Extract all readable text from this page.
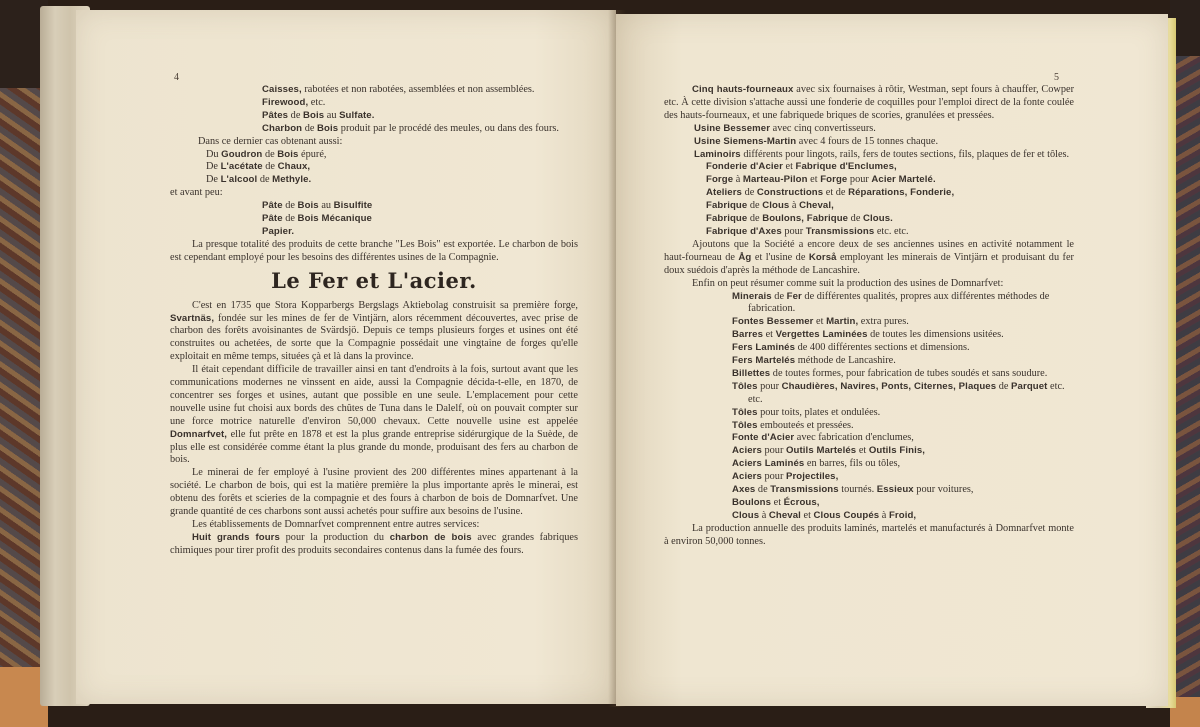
4

Caisses, rabotées et non rabotées, assemblées et non assemblées.

Firewood, etc.

Pâtes de Bois au Sulfate.

Charbon de Bois produit par le procédé des meules, ou dans des fours.

Dans ce dernier cas obtenant aussi:

Du Goudron de Bois épuré,

De L'acétate de Chaux,

De L'alcool de Methyle.

et avant peu:

Pâte de Bois au Bisulfite

Pâte de Bois Mécanique

Papier.

La presque totalité des produits de cette branche "Les Bois" est exportée. Le charbon de bois est cependant employé pour les besoins des différentes usines de la Compagnie.

Le Fer et L'acier.

C'est en 1735 que Stora Kopparbergs Bergslags Aktiebolag construisit sa première forge, Svartnäs, fondée sur les mines de fer de Vintjärn, alors récemment découvertes, avec prise de charbon des forêts avoisinantes de Svärdsjö. Depuis ce temps plusieurs forges et usines ont été construites ou achetées, de sorte que la Compagnie possédait une vingtaine de forges qu'elle exploitait en même temps, situées çà et là dans la province.

Il était cependant difficile de travailler ainsi en tant d'endroits à la fois, surtout avant que les communications modernes ne vinssent en aide, aussi la Compagnie décida-t-elle, en 1870, de concentrer ses forges et usines, autant que possible en une seule. L'emplacement pour cette nouvelle usine fut choisi aux bords des chûtes de Tuna dans le Dalelf, où on pouvait compter sur une force motrice naturelle d'environ 50,000 chevaux. Cette nouvelle usine est appelée Domnarfvet, elle fut prête en 1878 et est la plus grande entreprise sidérurgique de la Suède, de plus elle est considérée comme étant la plus grande du monde, produisant des fers au charbon de bois.

Le minerai de fer employé à l'usine provient des 200 différentes mines appartenant à la société. Le charbon de bois, qui est la matière première la plus importante après le minerai, est obtenu des forêts et scieries de la compagnie et des fours à charbon de bois de Domnarfvet. Une grande quantité de ces charbons sont aussi achetés pour suffire aux besoins de l'usine.

Les établissements de Domnarfvet comprennent entre autres services:

Huit grands fours pour la production du charbon de bois avec grandes fabriques chimiques pour tirer profit des produits secondaires contenus dans la fumée des fours.

5

Cinq hauts-fourneaux avec six fournaises à rôtir, Westman, sept fours à chauffer, Cowper etc. À cette division s'attache aussi une fonderie de coquilles pour l'emploi direct de la fonte coulée des hauts-fourneaux, et une fabriquede briques de scories, granulées et pressées.

Usine Bessemer avec cinq convertisseurs.

Usine Siemens-Martin avec 4 fours de 15 tonnes chaque.

Laminoirs différents pour lingots, rails, fers de toutes sections, fils, plaques de fer et tôles.

Fonderie d'Acier et Fabrique d'Enclumes,

Forge à Marteau-Pilon et Forge pour Acier Martelé.

Ateliers de Constructions et de Réparations, Fonderie,

Fabrique de Clous à Cheval,

Fabrique de Boulons, Fabrique de Clous.

Fabrique d'Axes pour Transmissions etc. etc.

Ajoutons que la Société a encore deux de ses anciennes usines en activité notamment le haut-fourneau de Åg et l'usine de Korså employant les minerais de Vintjärn et produisant du fer doux suédois d'après la méthode de Lancashire.

Enfin on peut résumer comme suit la production des usines de Domnarfvet:

Minerais de Fer de différentes qualités, propres aux différentes méthodes de fabrication.

Fontes Bessemer et Martin, extra pures.

Barres et Vergettes Laminées de toutes les dimensions usitées.

Fers Laminés de 400 différentes sections et dimensions.

Fers Martelés méthode de Lancashire.

Billettes de toutes formes, pour fabrication de tubes soudés et sans soudure.

Tôles pour Chaudières, Navires, Ponts, Citernes, Plaques de Parquet etc. etc.

Tôles pour toits, plates et ondulées.

Tôles embouteés et pressées.

Fonte d'Acier avec fabrication d'enclumes,

Aciers pour Outils Martelés et Outils Finis,

Aciers Laminés en barres, fils ou tôles,

Aciers pour Projectiles,

Axes de Transmissions tournés. Essieux pour voitures,

Boulons et Écrous,

Clous à Cheval et Clous Coupés à Froid,

La production annuelle des produits laminés, martelés et manufacturés à Domnarfvet monte à environ 50,000 tonnes.
